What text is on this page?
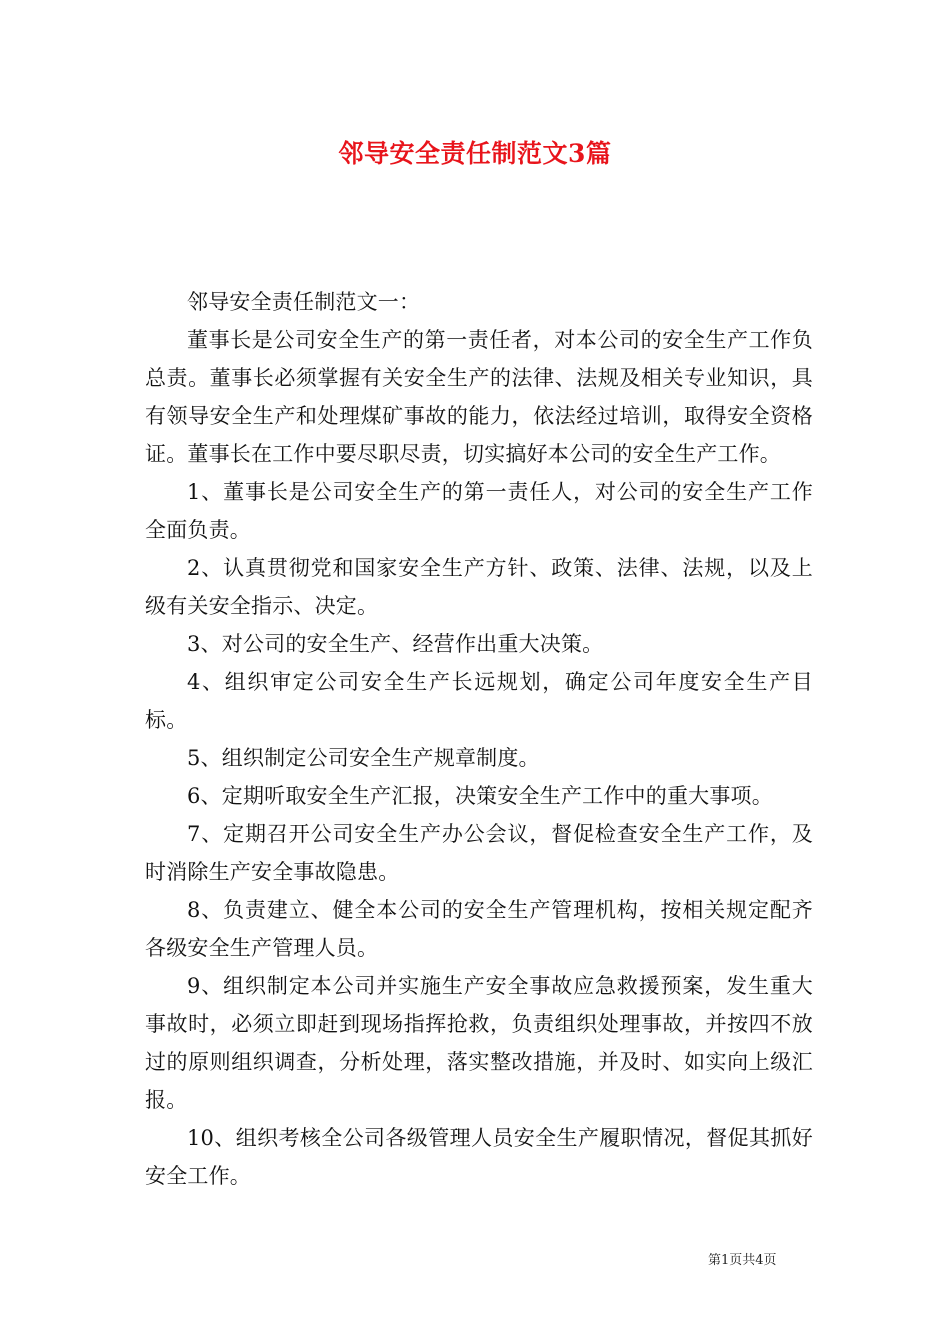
邻导安全责任制范文3篇

邻导安全责任制范文一：

董事长是公司安全生产的第一责任者，对本公司的安全生产工作负总责。董事长必须掌握有关安全生产的法律、法规及相关专业知识，具有领导安全生产和处理煤矿事故的能力，依法经过培训，取得安全资格证。董事长在工作中要尽职尽责，切实搞好本公司的安全生产工作。

1、董事长是公司安全生产的第一责任人，对公司的安全生产工作全面负责。

2、认真贯彻党和国家安全生产方针、政策、法律、法规，以及上级有关安全指示、决定。

3、对公司的安全生产、经营作出重大决策。

4、组织审定公司安全生产长远规划，确定公司年度安全生产目标。

5、组织制定公司安全生产规章制度。

6、定期听取安全生产汇报，决策安全生产工作中的重大事项。

7、定期召开公司安全生产办公会议，督促检查安全生产工作，及时消除生产安全事故隐患。

8、负责建立、健全本公司的安全生产管理机构，按相关规定配齐各级安全生产管理人员。

9、组织制定本公司并实施生产安全事故应急救援预案，发生重大事故时，必须立即赶到现场指挥抢救，负责组织处理事故，并按四不放过的原则组织调查，分析处理，落实整改措施，并及时、如实向上级汇报。

10、组织考核全公司各级管理人员安全生产履职情况，督促其抓好安全工作。

第1页共4页
